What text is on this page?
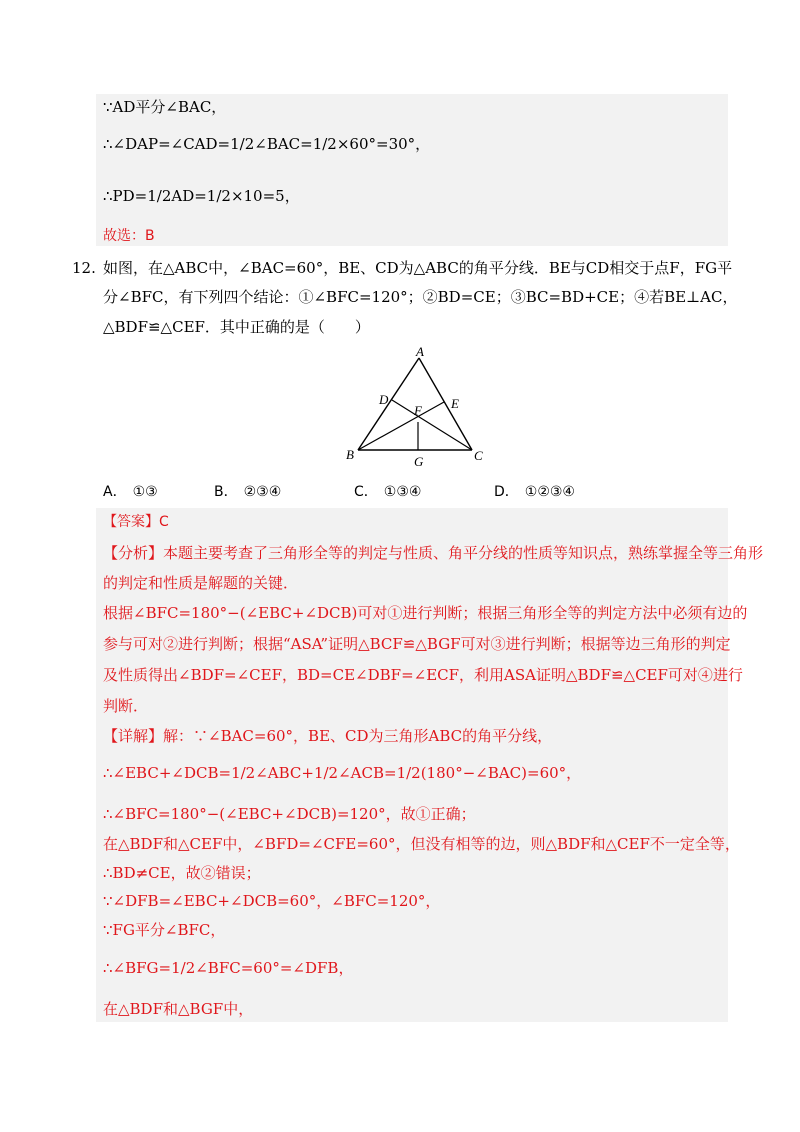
∵AD平分∠BAC，
∴∠DAP=∠CAD=1/2∠BAC=1/2×60°=30°，
∴PD=1/2AD=1/2×10=5，
故选：B
12. 如图，在△ABC中，∠BAC=60°，BE、CD为△ABC的角平分线．BE与CD相交于点F，FG平
分∠BFC，有下列四个结论：①∠BFC=120°；②BD=CE；③BC=BD+CE；④若BE⊥AC，
△BDF≌△CEF．其中正确的是（　　）
A
B	C
D	E
F
G
A． ①③	B． ②③④	C． ①③④	D． ①②③④
【答案】C
【分析】本题主要考查了三角形全等的判定与性质、角平分线的性质等知识点，熟练掌握全等三角形
的判定和性质是解题的关键．
根据∠BFC=180°−(∠EBC+∠DCB)可对①进行判断；根据三角形全等的判定方法中必须有边的
参与可对②进行判断；根据“ASA”证明△BCF≌△BGF可对③进行判断；根据等边三角形的判定
及性质得出∠BDF=∠CEF，BD=CE∠DBF=∠ECF，利用ASA证明△BDF≌△CEF可对④进行
判断．
【详解】解：∵∠BAC=60°，BE、CD为三角形ABC的角平分线，
∴∠EBC+∠DCB=1/2∠ABC+1/2∠ACB=1/2(180°−∠BAC)=60°，
∴∠BFC=180°−(∠EBC+∠DCB)=120°，故①正确；
在△BDF和△CEF中，∠BFD=∠CFE=60°，但没有相等的边，则△BDF和△CEF不一定全等，
∴BD≠CE，故②错误；
∵∠DFB=∠EBC+∠DCB=60°，∠BFC=120°，
∵FG平分∠BFC，
∴∠BFG=1/2∠BFC=60°=∠DFB，
在△BDF和△BGF中，
